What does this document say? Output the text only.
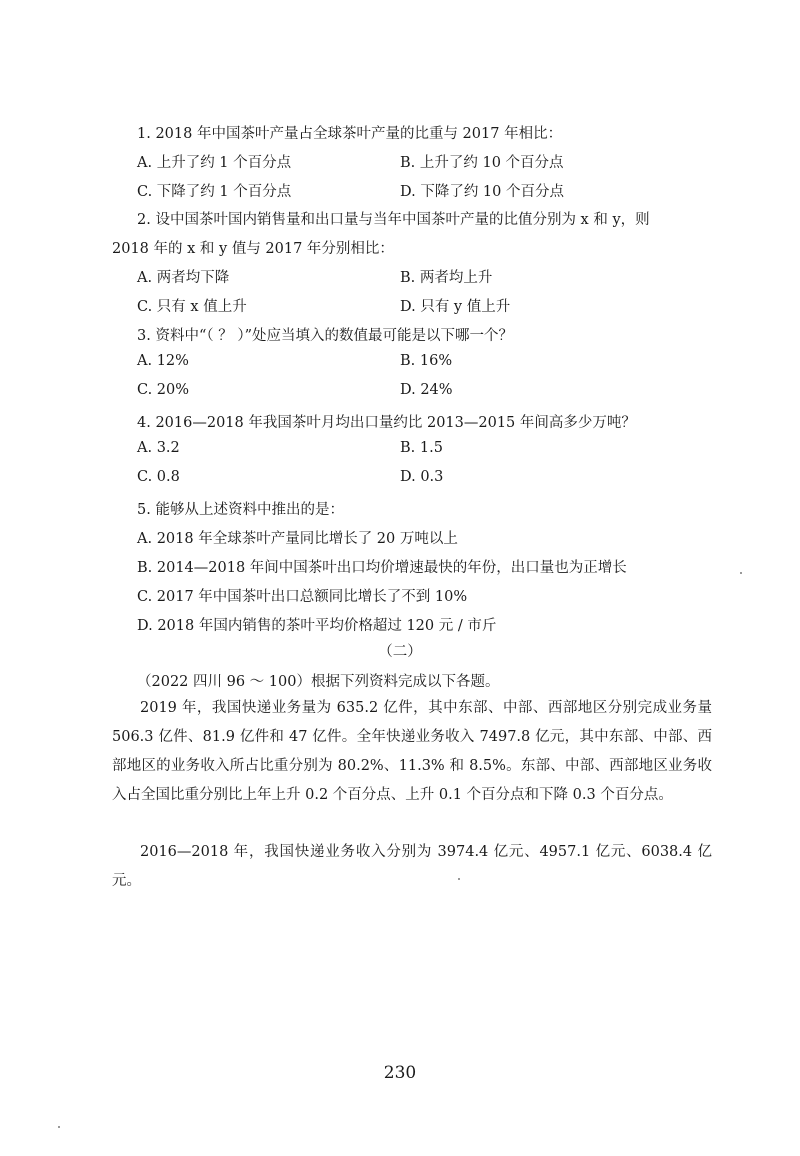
1. 2018 年中国茶叶产量占全球茶叶产量的比重与 2017 年相比：
A. 上升了约 1 个百分点	B. 上升了约 10 个百分点
C. 下降了约 1 个百分点	D. 下降了约 10 个百分点
2. 设中国茶叶国内销售量和出口量与当年中国茶叶产量的比值分别为 x 和 y，则
2018 年的 x 和 y 值与 2017 年分别相比：
A. 两者均下降	B. 两者均上升
C. 只有 x 值上升	D. 只有 y 值上升
3. 资料中“（ ？ ）”处应当填入的数值最可能是以下哪一个？
A. 12%	B. 16%
C. 20%	D. 24%
4. 2016—2018 年我国茶叶月均出口量约比 2013—2015 年间高多少万吨？
A. 3.2	B. 1.5
C. 0.8	D. 0.3
5. 能够从上述资料中推出的是：
A. 2018 年全球茶叶产量同比增长了 20 万吨以上
B. 2014—2018 年间中国茶叶出口均价增速最快的年份，出口量也为正增长
C. 2017 年中国茶叶出口总额同比增长了不到 10%
D. 2018 年国内销售的茶叶平均价格超过 120 元 / 市斤
（二）
（2022 四川 96 ～ 100）根据下列资料完成以下各题。
2019 年，我国快递业务量为 635.2 亿件，其中东部、中部、西部地区分别完成业务量 506.3 亿件、81.9 亿件和 47 亿件。全年快递业务收入 7497.8 亿元，其中东部、中部、西部地区的业务收入所占比重分别为 80.2%、11.3% 和 8.5%。东部、中部、西部地区业务收入占全国比重分别比上年上升 0.2 个百分点、上升 0.1 个百分点和下降 0.3 个百分点。
2016—2018 年，我国快递业务收入分别为 3974.4 亿元、4957.1 亿元、6038.4 亿元。
230
